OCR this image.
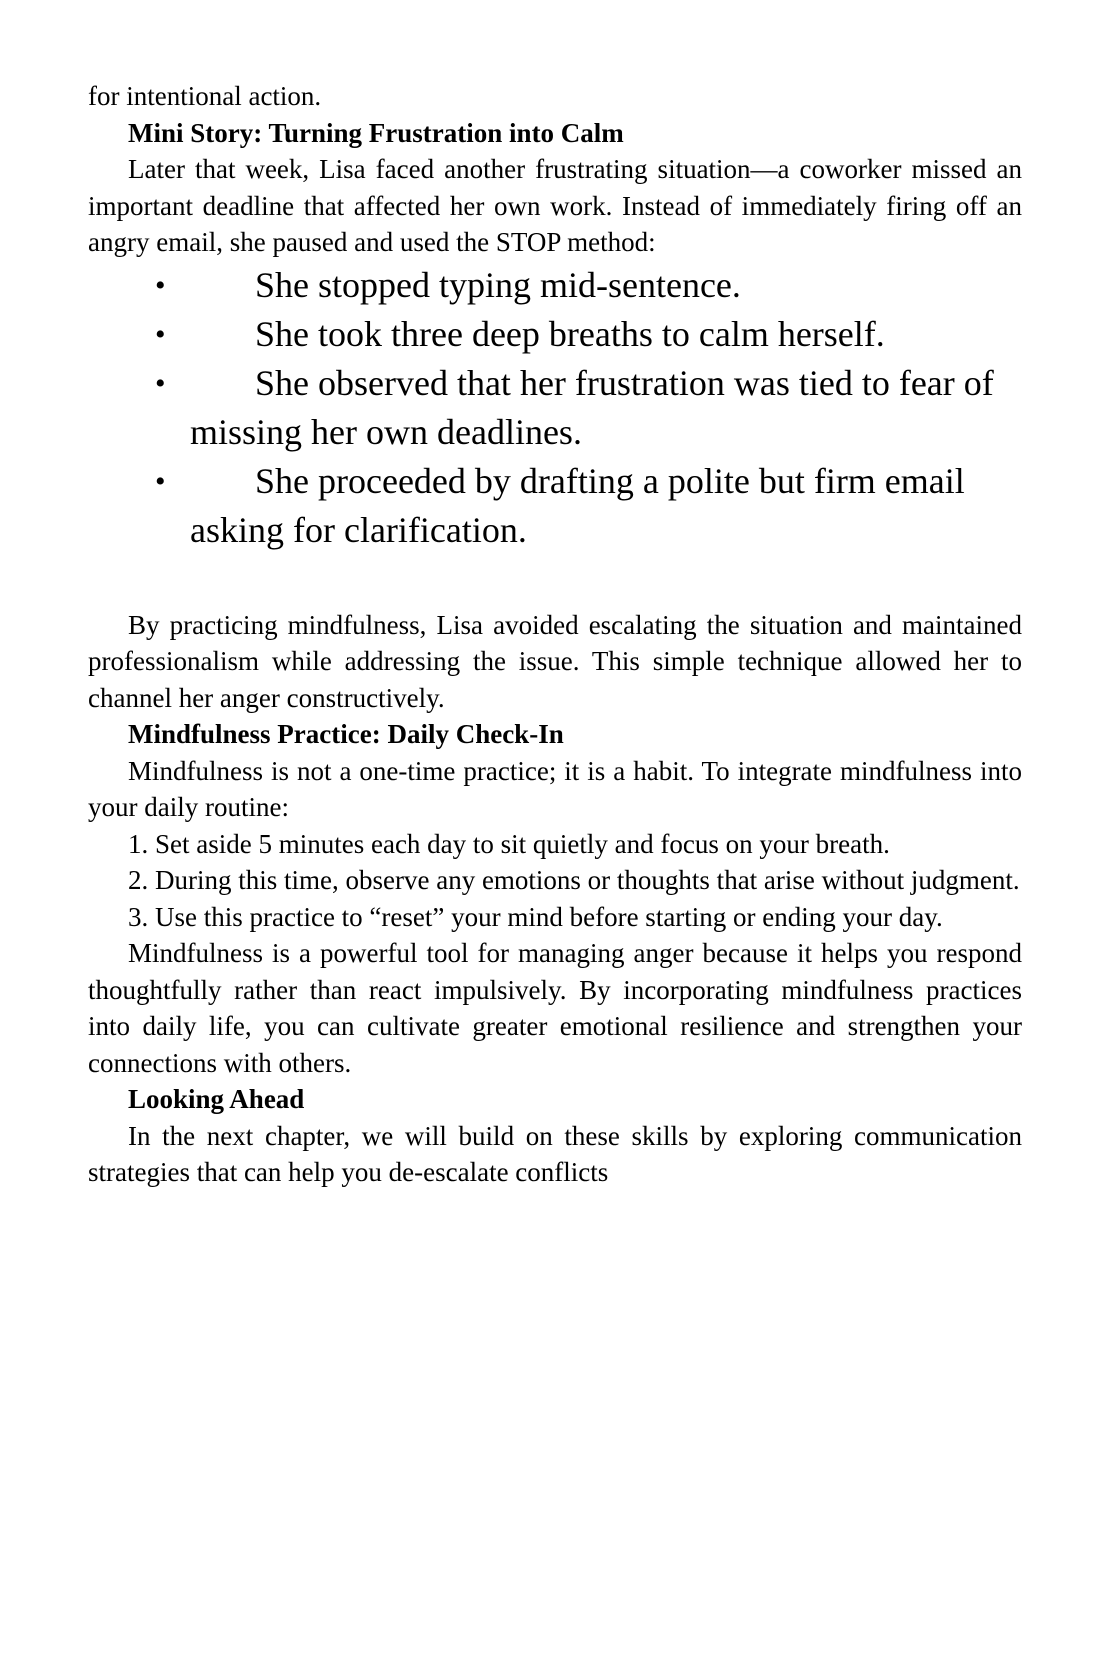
for intentional action.

Mini Story: Turning Frustration into Calm

Later that week, Lisa faced another frustrating situation—a coworker missed an important deadline that affected her own work. Instead of immediately firing off an angry email, she paused and used the STOP method:

• She stopped typing mid-sentence.
• She took three deep breaths to calm herself.
• She observed that her frustration was tied to fear of missing her own deadlines.
• She proceeded by drafting a polite but firm email asking for clarification.

By practicing mindfulness, Lisa avoided escalating the situation and maintained professionalism while addressing the issue. This simple technique allowed her to channel her anger constructively.

Mindfulness Practice: Daily Check-In

Mindfulness is not a one-time practice; it is a habit. To integrate mindfulness into your daily routine:

1. Set aside 5 minutes each day to sit quietly and focus on your breath.

2. During this time, observe any emotions or thoughts that arise without judgment.

3. Use this practice to “reset” your mind before starting or ending your day.

Mindfulness is a powerful tool for managing anger because it helps you respond thoughtfully rather than react impulsively. By incorporating mindfulness practices into daily life, you can cultivate greater emotional resilience and strengthen your connections with others.

Looking Ahead

In the next chapter, we will build on these skills by exploring communication strategies that can help you de-escalate conflicts
